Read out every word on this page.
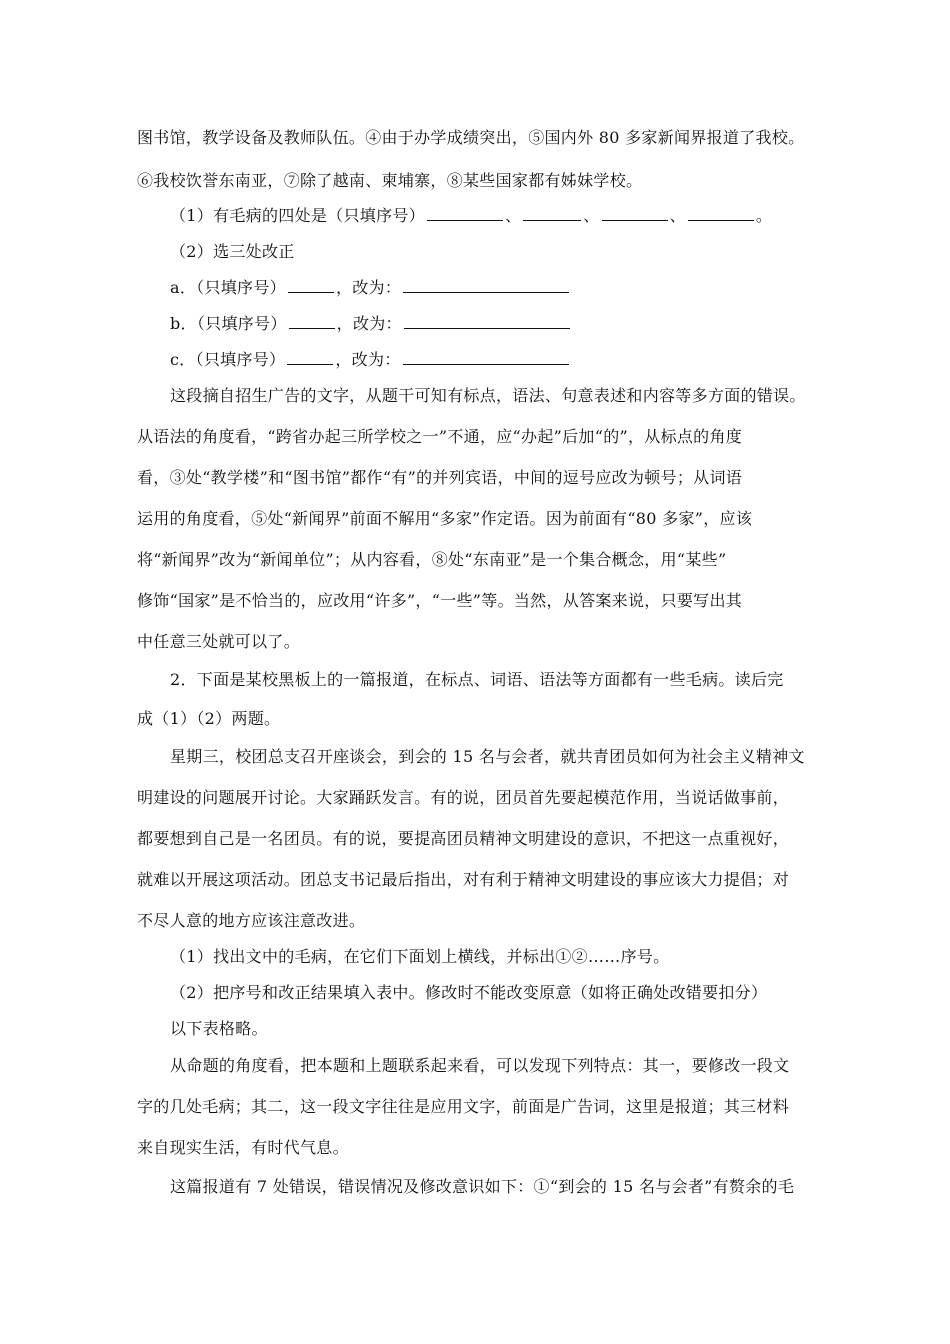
图书馆，教学设备及教师队伍。④由于办学成绩突出，⑤国内外 80 多家新闻界报道了我校。
⑥我校饮誉东南亚，⑦除了越南、柬埔寨，⑧某些国家都有姊妹学校。
（1）有毛病的四处是（只填序号）	、	、	、	。
（2）选三处改正
a．（只填序号）	，改为：
b．（只填序号）	，改为：
c．（只填序号）	，改为：
这段摘自招生广告的文字，从题干可知有标点，语法、句意表述和内容等多方面的错误。
从语法的角度看，“跨省办起三所学校之一”不通，应“办起”后加“的”，从标点的角度
看，③处“教学楼”和“图书馆”都作“有”的并列宾语，中间的逗号应改为顿号；从词语
运用的角度看，⑤处“新闻界”前面不解用“多家”作定语。因为前面有“80 多家”，应该
将“新闻界”改为“新闻单位”；从内容看，⑧处“东南亚”是一个集合概念，用“某些”
修饰“国家”是不恰当的，应改用“许多”，“一些”等。当然，从答案来说，只要写出其
中任意三处就可以了。
2．下面是某校黑板上的一篇报道，在标点、词语、语法等方面都有一些毛病。读后完
成（1）（2）两题。
星期三，校团总支召开座谈会，到会的 15 名与会者，就共青团员如何为社会主义精神文
明建设的问题展开讨论。大家踊跃发言。有的说，团员首先要起模范作用，当说话做事前，
都要想到自己是一名团员。有的说，要提高团员精神文明建设的意识，不把这一点重视好，
就难以开展这项活动。团总支书记最后指出，对有利于精神文明建设的事应该大力提倡；对
不尽人意的地方应该注意改进。
（1）找出文中的毛病，在它们下面划上横线，并标出①②……序号。
（2）把序号和改正结果填入表中。修改时不能改变原意（如将正确处改错要扣分）
以下表格略。
从命题的角度看，把本题和上题联系起来看，可以发现下列特点：其一，要修改一段文
字的几处毛病；其二，这一段文字往往是应用文字，前面是广告词，这里是报道；其三材料
来自现实生活，有时代气息。
这篇报道有 7 处错误，错误情况及修改意识如下：①“到会的 15 名与会者”有赘余的毛
